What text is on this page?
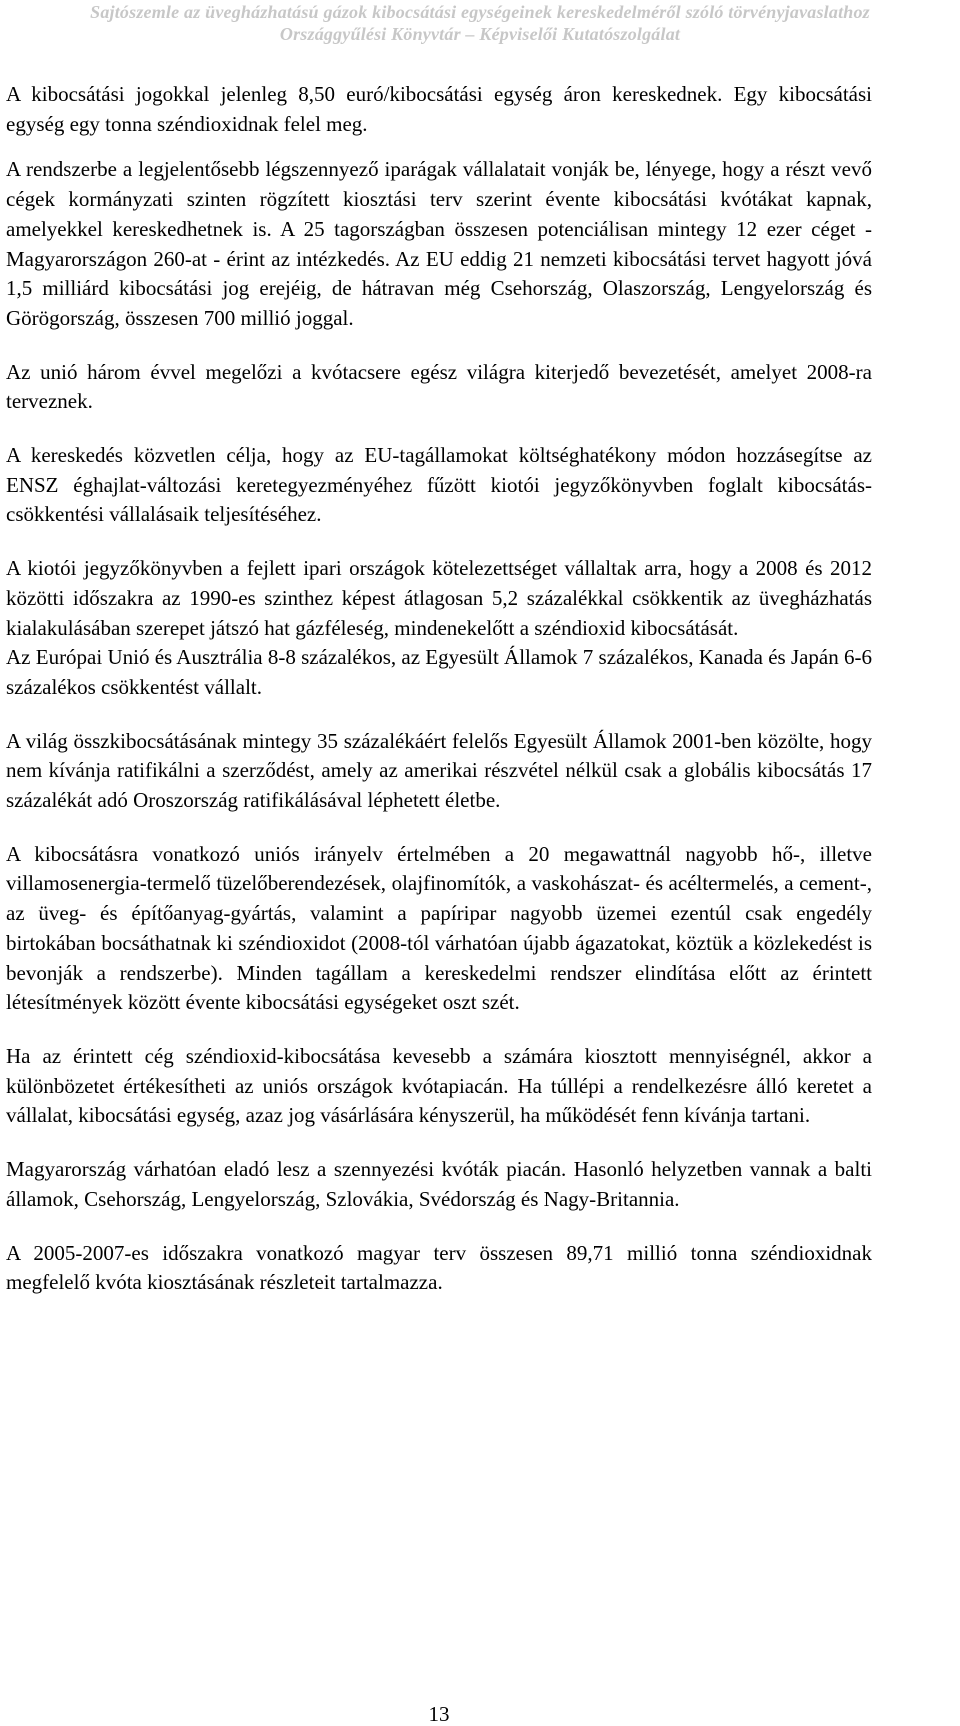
Sajtószemle az üvegházhatású gázok kibocsátási egységeinek kereskedelméről szóló törvényjavaslathoz
Országgyűlési Könyvtár – Képviselői Kutatószolgálat

A kibocsátási jogokkal jelenleg 8,50 euró/kibocsátási egység áron kereskednek. Egy kibocsátási egység egy tonna széndioxidnak felel meg.

A rendszerbe a legjelentősebb légszennyező iparágak vállalatait vonják be, lényege, hogy a részt vevő cégek kormányzati szinten rögzített kiosztási terv szerint évente kibocsátási kvótákat kapnak, amelyekkel kereskedhetnek is. A 25 tagországban összesen potenciálisan mintegy 12 ezer céget - Magyarországon 260-at - érint az intézkedés. Az EU eddig 21 nemzeti kibocsátási tervet hagyott jóvá 1,5 milliárd kibocsátási jog erejéig, de hátravan még Csehország, Olaszország, Lengyelország és Görögország, összesen 700 millió joggal.

Az unió három évvel megelőzi a kvótacsere egész világra kiterjedő bevezetését, amelyet 2008-ra terveznek.

A kereskedés közvetlen célja, hogy az EU-tagállamokat költséghatékony módon hozzásegítse az ENSZ éghajlat-változási keretegyezményéhez fűzött kiotói jegyzőkönyvben foglalt kibocsátás-csökkentési vállalásaik teljesítéséhez.

A kiotói jegyzőkönyvben a fejlett ipari országok kötelezettséget vállaltak arra, hogy a 2008 és 2012 közötti időszakra az 1990-es szinthez képest átlagosan 5,2 százalékkal csökkentik az üvegházhatás kialakulásában szerepet játszó hat gázféleség, mindenekelőtt a széndioxid kibocsátását.

Az Európai Unió és Ausztrália 8-8 százalékos, az Egyesült Államok 7 százalékos, Kanada és Japán 6-6 százalékos csökkentést vállalt.

A világ összkibocsátásának mintegy 35 százalékáért felelős Egyesült Államok 2001-ben közölte, hogy nem kívánja ratifikálni a szerződést, amely az amerikai részvétel nélkül csak a globális kibocsátás 17 százalékát adó Oroszország ratifikálásával léphetett életbe.

A kibocsátásra vonatkozó uniós irányelv értelmében a 20 megawattnál nagyobb hő-, illetve villamosenergia-termelő tüzelőberendezések, olajfinomítók, a vaskohászat- és acéltermelés, a cement-, az üveg- és építőanyag-gyártás, valamint a papíripar nagyobb üzemei ezentúl csak engedély birtokában bocsáthatnak ki széndioxidot (2008-tól várhatóan újabb ágazatokat, köztük a közlekedést is bevonják a rendszerbe). Minden tagállam a kereskedelmi rendszer elindítása előtt az érintett létesítmények között évente kibocsátási egységeket oszt szét.

Ha az érintett cég széndioxid-kibocsátása kevesebb a számára kiosztott mennyiségnél, akkor a különbözetet értékesítheti az uniós országok kvótapiacán. Ha túllépi a rendelkezésre álló keretet a vállalat, kibocsátási egység, azaz jog vásárlására kényszerül, ha működését fenn kívánja tartani.

Magyarország várhatóan eladó lesz a szennyezési kvóták piacán. Hasonló helyzetben vannak a balti államok, Csehország, Lengyelország, Szlovákia, Svédország és Nagy-Britannia.

A 2005-2007-es időszakra vonatkozó magyar terv összesen 89,71 millió tonna széndioxidnak megfelelő kvóta kiosztásának részleteit tartalmazza.

13
